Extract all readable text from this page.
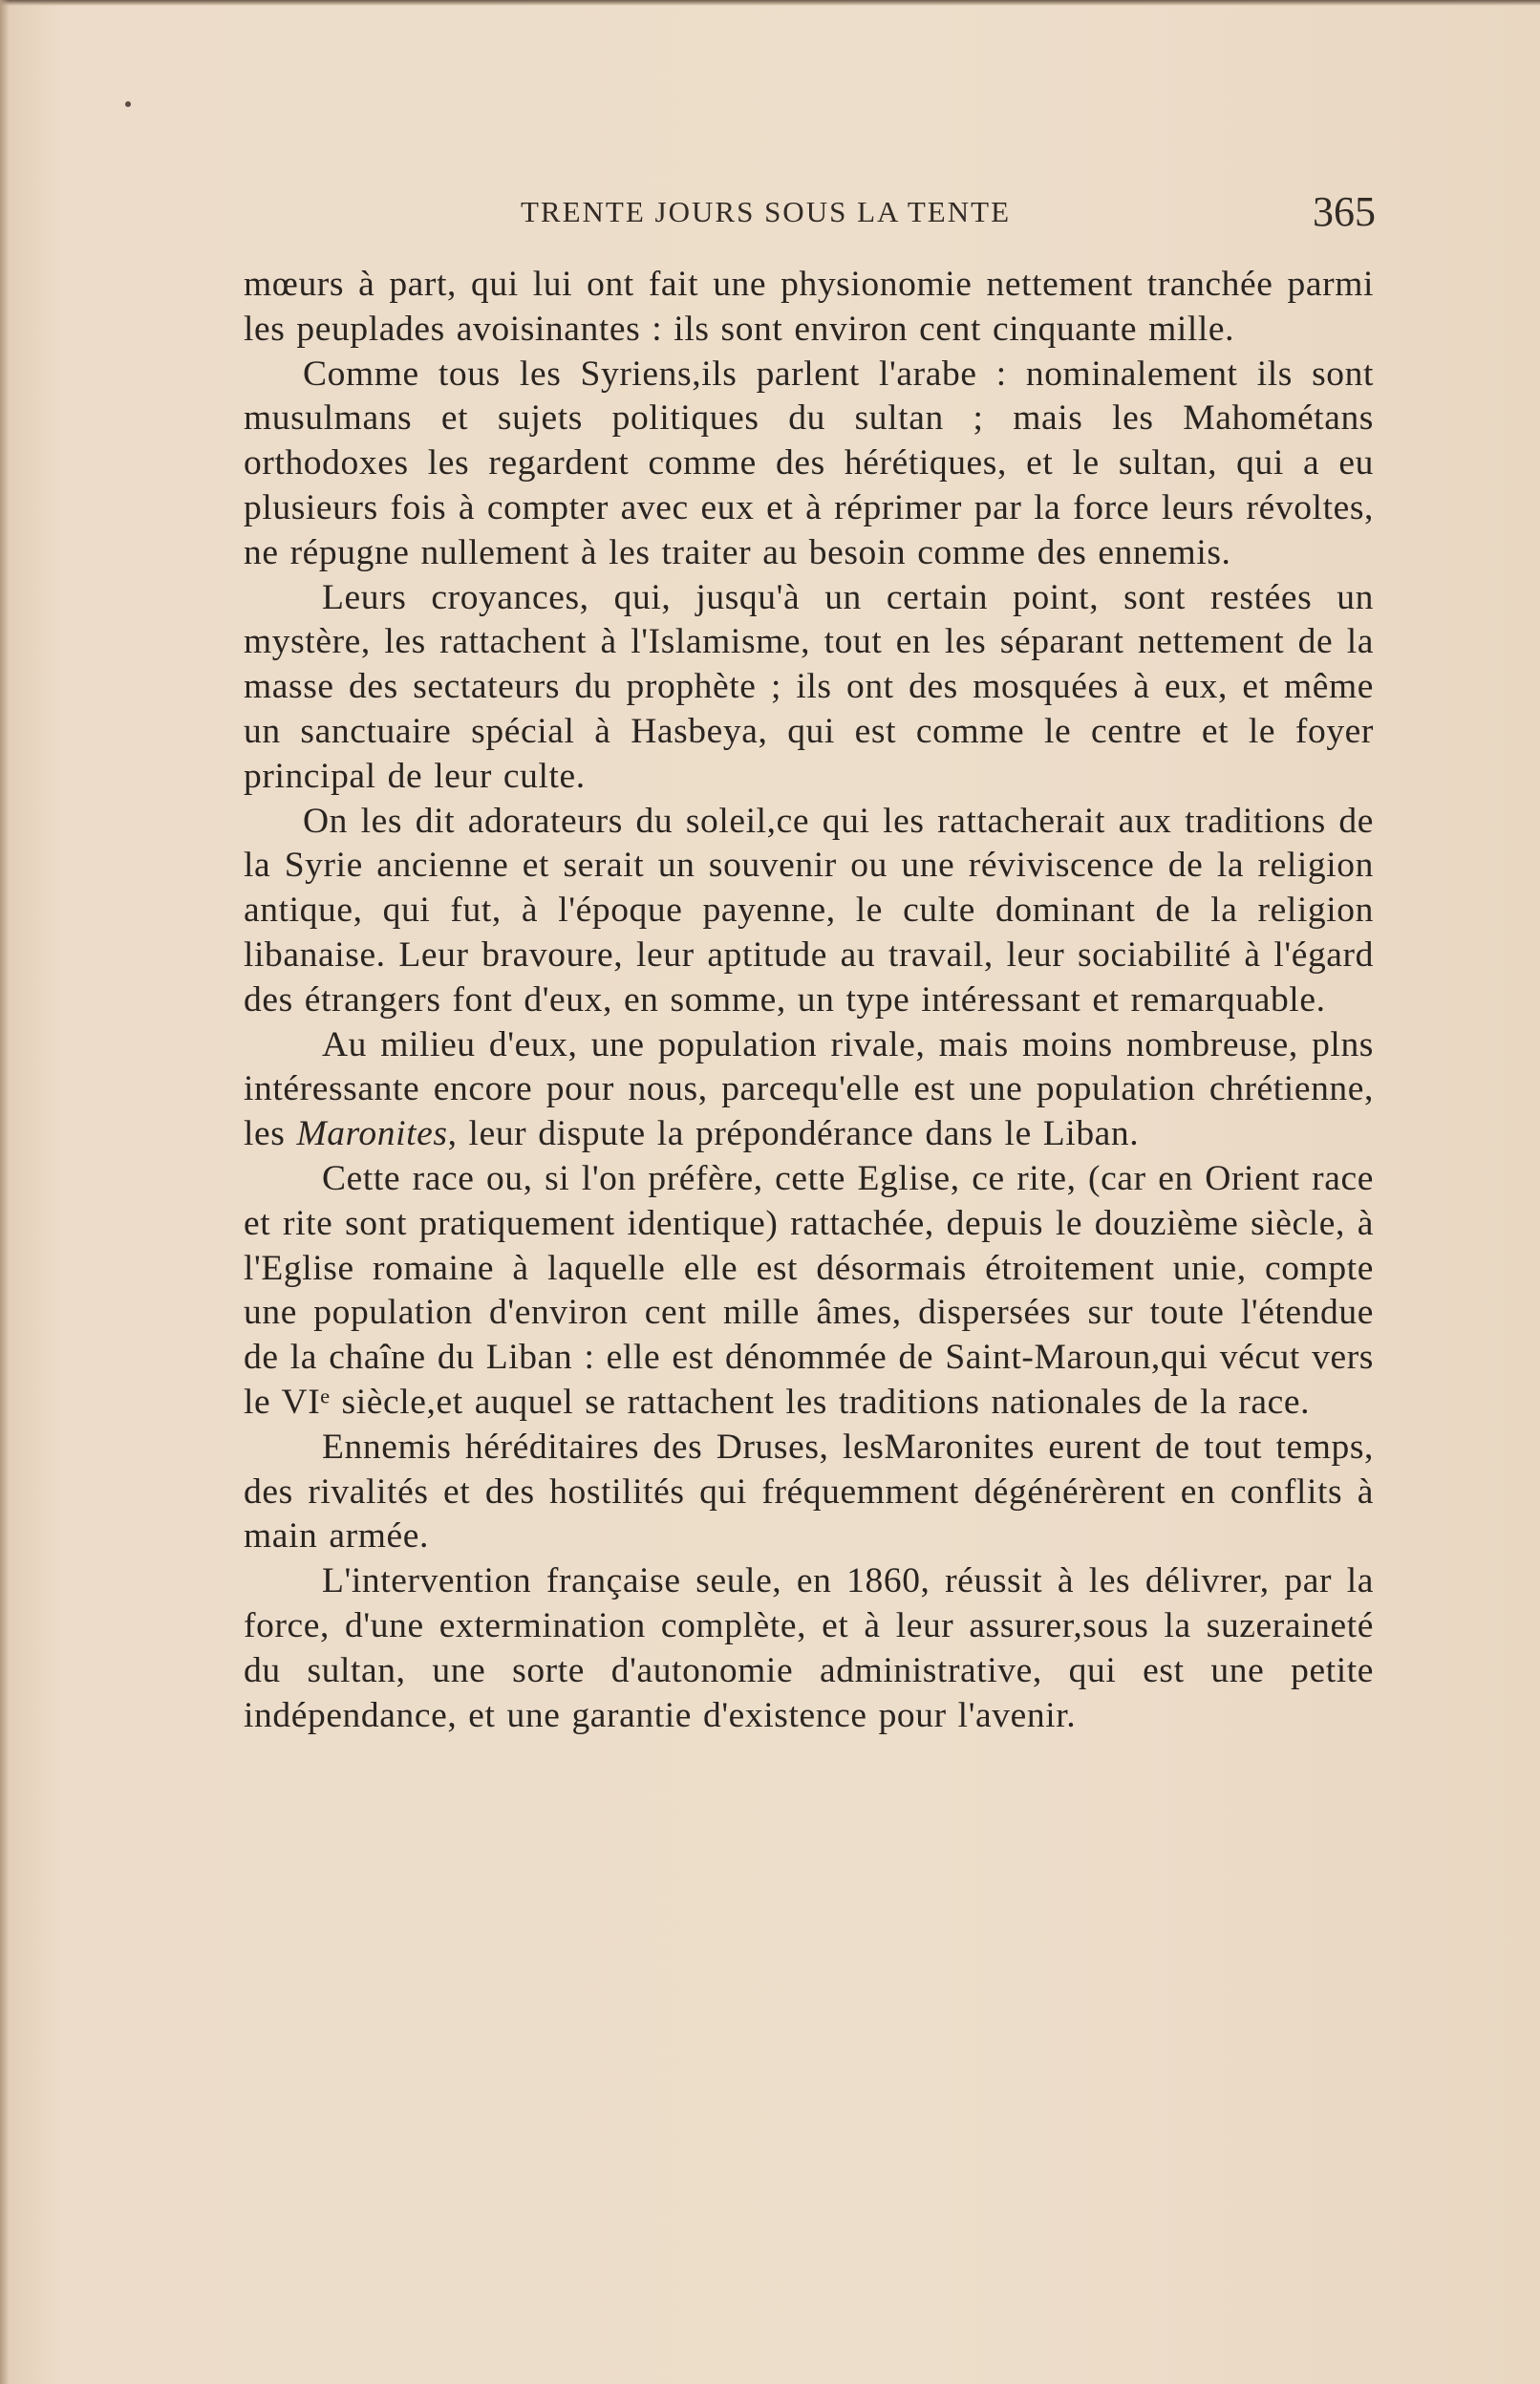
TRENTE JOURS SOUS LA TENTE	365

mœurs à part, qui lui ont fait une physionomie nettement tranchée parmi les peuplades avoisinantes : ils sont environ cent cinquante mille.

Comme tous les Syriens,ils parlent l'arabe : nominalement ils sont musulmans et sujets politiques du sultan ; mais les Mahométans orthodoxes les regardent comme des hérétiques, et le sultan, qui a eu plusieurs fois à compter avec eux et à réprimer par la force leurs révoltes, ne répugne nullement à les traiter au besoin comme des ennemis.

Leurs croyances, qui, jusqu'à un certain point, sont restées un mystère, les rattachent à l'Islamisme, tout en les séparant nettement de la masse des sectateurs du prophète ; ils ont des mosquées à eux, et même un sanctuaire spécial à Hasbeya, qui est comme le centre et le foyer principal de leur culte.

On les dit adorateurs du soleil,ce qui les rattacherait aux traditions de la Syrie ancienne et serait un souvenir ou une réviviscence de la religion antique, qui fut, à l'époque payenne, le culte dominant de la religion libanaise. Leur bravoure, leur aptitude au travail, leur sociabilité à l'égard des étrangers font d'eux, en somme, un type intéressant et remarquable.

Au milieu d'eux, une population rivale, mais moins nombreuse, plns intéressante encore pour nous, parcequ'elle est une population chrétienne, les Maronites, leur dispute la prépondérance dans le Liban.

Cette race ou, si l'on préfère, cette Eglise, ce rite, (car en Orient race et rite sont pratiquement identique) rattachée, depuis le douzième siècle, à l'Eglise romaine à laquelle elle est désormais étroitement unie, compte une population d'environ cent mille âmes, dispersées sur toute l'étendue de la chaîne du Liban : elle est dénommée de Saint-Maroun,qui vécut vers le VIᵉ siècle,et auquel se rattachent les traditions nationales de la race.

Ennemis héréditaires des Druses, lesMaronites eurent de tout temps, des rivalités et des hostilités qui fréquemment dégénérèrent en conflits à main armée.

L'intervention française seule, en 1860, réussit à les délivrer, par la force, d'une extermination complète, et à leur assurer,sous la suzeraineté du sultan, une sorte d'autonomie administrative, qui est une petite indépendance, et une garantie d'existence pour l'avenir.
